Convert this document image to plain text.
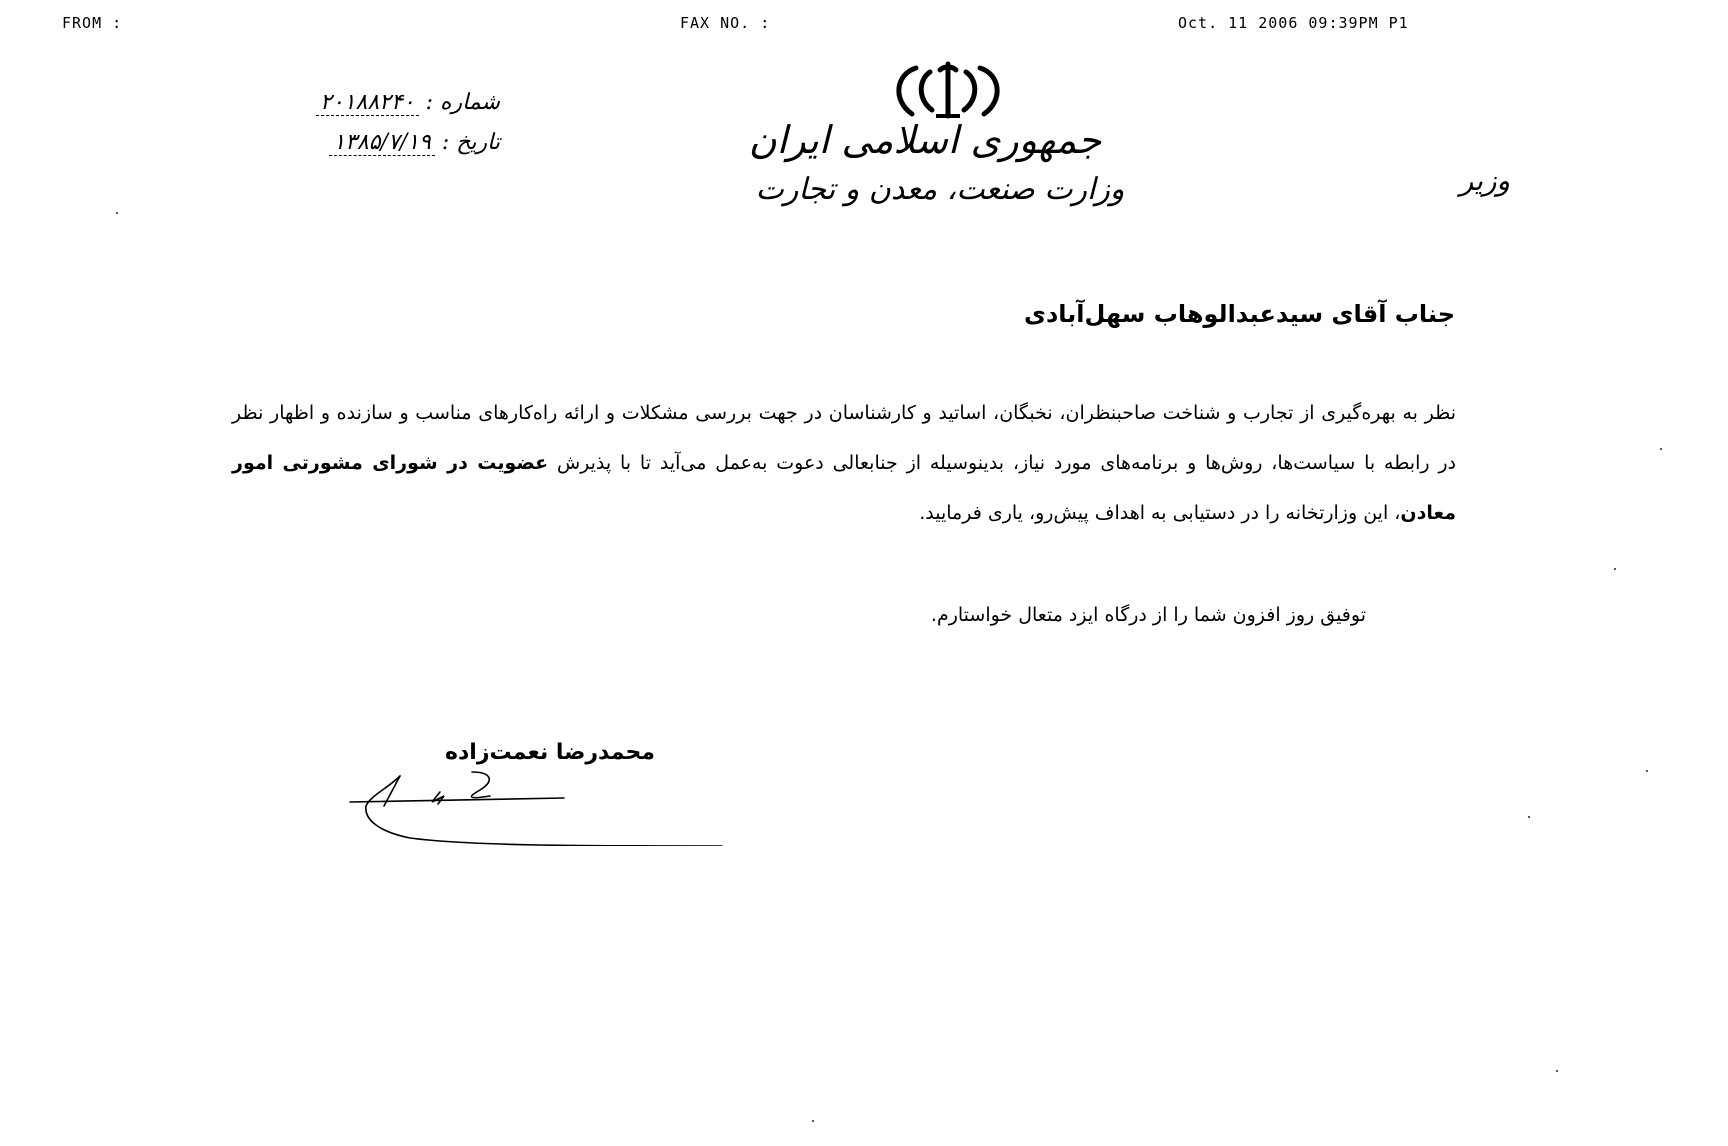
FROM :	FAX NO. :	Oct. 11 2006 09:39PM P1
شماره : ۲۰۱۸۸۲۴۰
تاریخ : ۱۳۸۵/۷/۱۹	جمهوری اسلامی ایران
وزارت صنعت، معدن و تجارت	وزیر
جناب آقای سیدعبدالوهاب سهل‌آبادی
نظر به بهره‌گیری از تجارب و شناخت صاحبنظران، نخبگان، اساتید و کارشناسان در جهت بررسی مشکلات و ارائه راه‌کارهای مناسب و سازنده و اظهار نظر در رابطه با سیاست‌ها، روش‌ها و برنامه‌های مورد نیاز، بدینوسیله از جنابعالی دعوت به‌عمل می‌آید تا با پذیرش عضویت در شورای مشورتی امور معادن، این وزارتخانه را در دستیابی به اهداف پیش‌رو، یاری فرمایید.
توفیق روز افزون شما را از درگاه ایزد متعال خواستارم.
محمدرضا نعمت‌زاده
